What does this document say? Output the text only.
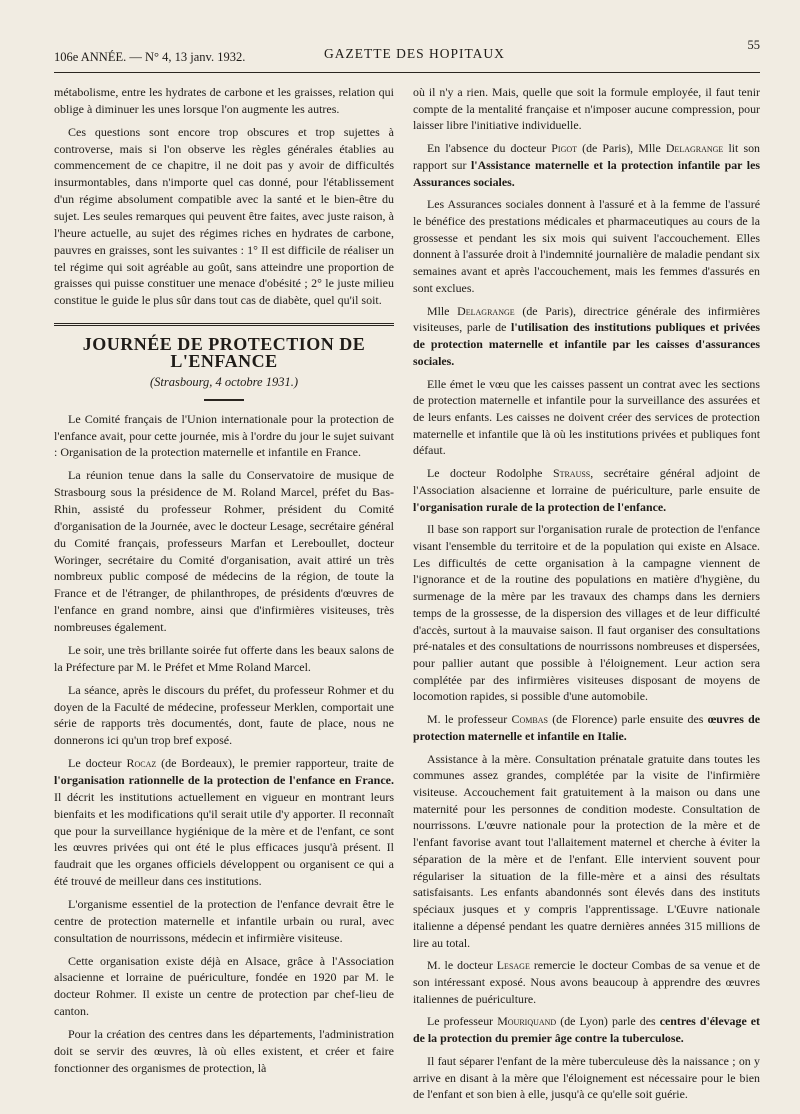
106e ANNÉE. — N° 4, 13 janv. 1932.	GAZETTE DES HOPITAUX
55

métabolisme, entre les hydrates de carbone et les graisses, relation qui oblige à diminuer les unes lorsque l'on augmente les autres.

Ces questions sont encore trop obscures et trop sujettes à controverse, mais si l'on observe les règles générales établies au commencement de ce chapitre, il ne doit pas y avoir de difficultés insurmontables, dans n'importe quel cas donné, pour l'établissement d'un régime absolument compatible avec la santé et le bien-être du sujet. Les seules remarques qui peuvent être faites, avec juste raison, à l'heure actuelle, au sujet des régimes riches en hydrates de carbone, pauvres en graisses, sont les suivantes : 1° Il est difficile de réaliser un tel régime qui soit agréable au goût, sans atteindre une proportion de graisses qui puisse constituer une menace d'obésité ; 2° le juste milieu constitue le guide le plus sûr dans tout cas de diabète, quel qu'il soit.

JOURNÉE DE PROTECTION DE L'ENFANCE
(Strasbourg, 4 octobre 1931.)

Le Comité français de l'Union internationale pour la protection de l'enfance avait, pour cette journée, mis à l'ordre du jour le sujet suivant : Organisation de la protection maternelle et infantile en France.

La réunion tenue dans la salle du Conservatoire de musique de Strasbourg sous la présidence de M. Roland Marcel, préfet du Bas-Rhin, assisté du professeur Rohmer, président du Comité d'organisation de la Journée, avec le docteur Lesage, secrétaire général du Comité français, professeurs Marfan et Lereboullet, docteur Woringer, secrétaire du Comité d'organisation, avait attiré un très nombreux public composé de médecins de la région, de toute la France et de l'étranger, de philanthropes, de présidents d'œuvres de l'enfance en grand nombre, ainsi que d'infirmières visiteuses, très nombreuses également.

Le soir, une très brillante soirée fut offerte dans les beaux salons de la Préfecture par M. le Préfet et Mme Roland Marcel.

La séance, après le discours du préfet, du professeur Rohmer et du doyen de la Faculté de médecine, professeur Merklen, comportait une série de rapports très documentés, dont, faute de place, nous ne donnerons ici qu'un trop bref exposé.

Le docteur Rocaz (de Bordeaux), le premier rapporteur, traite de l'organisation rationnelle de la protection de l'enfance en France. Il décrit les institutions actuellement en vigueur en montrant leurs bienfaits et les modifications qu'il serait utile d'y apporter. Il reconnaît que pour la surveillance hygiénique de la mère et de l'enfant, ce sont les œuvres privées qui ont été le plus efficaces jusqu'à présent. Il faudrait que les organes officiels développent ou organisent ce qui a été trouvé de meilleur dans ces institutions.

L'organisme essentiel de la protection de l'enfance devrait être le centre de protection maternelle et infantile urbain ou rural, avec consultation de nourrissons, médecin et infirmière visiteuse.

Cette organisation existe déjà en Alsace, grâce à l'Association alsacienne et lorraine de puériculture, fondée en 1920 par M. le docteur Rohmer. Il existe un centre de protection par chef-lieu de canton.

Pour la création des centres dans les départements, l'administration doit se servir des œuvres, là où elles existent, et créer et faire fonctionner des organismes de protection, là

où il n'y a rien. Mais, quelle que soit la formule employée, il faut tenir compte de la mentalité française et n'imposer aucune compression, pour laisser libre l'initiative individuelle.

En l'absence du docteur Pigot (de Paris), Mlle Delagrange lit son rapport sur l'Assistance maternelle et la protection infantile par les Assurances sociales.

Les Assurances sociales donnent à l'assuré et à la femme de l'assuré le bénéfice des prestations médicales et pharmaceutiques au cours de la grossesse et pendant les six mois qui suivent l'accouchement. Elles donnent à l'assurée droit à l'indemnité journalière de maladie pendant six semaines avant et après l'accouchement, mais les femmes d'assurés en sont exclues.

Mlle Delagrange (de Paris), directrice générale des infirmières visiteuses, parle de l'utilisation des institutions publiques et privées de protection maternelle et infantile par les caisses d'assurances sociales.

Elle émet le vœu que les caisses passent un contrat avec les sections de protection maternelle et infantile pour la surveillance des assurées et de leurs enfants. Les caisses ne doivent créer des services de protection maternelle et infantile que là où les institutions privées et publiques font défaut.

Le docteur Rodolphe Strauss, secrétaire général adjoint de l'Association alsacienne et lorraine de puériculture, parle ensuite de l'organisation rurale de la protection de l'enfance.

Il base son rapport sur l'organisation rurale de protection de l'enfance visant l'ensemble du territoire et de la population qui existe en Alsace. Les difficultés de cette organisation à la campagne viennent de l'ignorance et de la routine des populations en matière d'hygiène, du surmenage de la mère par les travaux des champs dans les derniers temps de la grossesse, de la dispersion des villages et de leur difficulté d'accès, surtout à la mauvaise saison. Il faut organiser des consultations pré-natales et des consultations de nourrissons nombreuses et dispersées, pour pallier autant que possible à l'éloignement. Leur action sera complétée par des infirmières visiteuses disposant de moyens de locomotion rapides, si possible d'une automobile.

M. le professeur Combas (de Florence) parle ensuite des œuvres de protection maternelle et infantile en Italie.

Assistance à la mère. Consultation prénatale gratuite dans toutes les communes assez grandes, complétée par la visite de l'infirmière visiteuse. Accouchement fait gratuitement à la maison ou dans une maternité pour les personnes de condition modeste. Consultation de nourrissons. L'œuvre nationale pour la protection de la mère et de l'enfant favorise avant tout l'allaitement maternel et cherche à éviter la séparation de la mère et de l'enfant. Elle intervient souvent pour régulariser la situation de la fille-mère et a ainsi des résultats satisfaisants. Les enfants abandonnés sont élevés dans des instituts spéciaux jusques et y compris l'apprentissage. L'Œuvre nationale italienne a dépensé pendant les quatre dernières années 315 millions de lire au total.

M. le docteur Lesage remercie le docteur Combas de sa venue et de son intéressant exposé. Nous avons beaucoup à apprendre des œuvres italiennes de puériculture.

Le professeur Mouriquand (de Lyon) parle des centres d'élevage et de la protection du premier âge contre la tuberculose.

Il faut séparer l'enfant de la mère tuberculeuse dès la naissance ; on y arrive en disant à la mère que l'éloignement est nécessaire pour le bien de l'enfant et son bien à elle, jusqu'à ce qu'elle soit guérie.
